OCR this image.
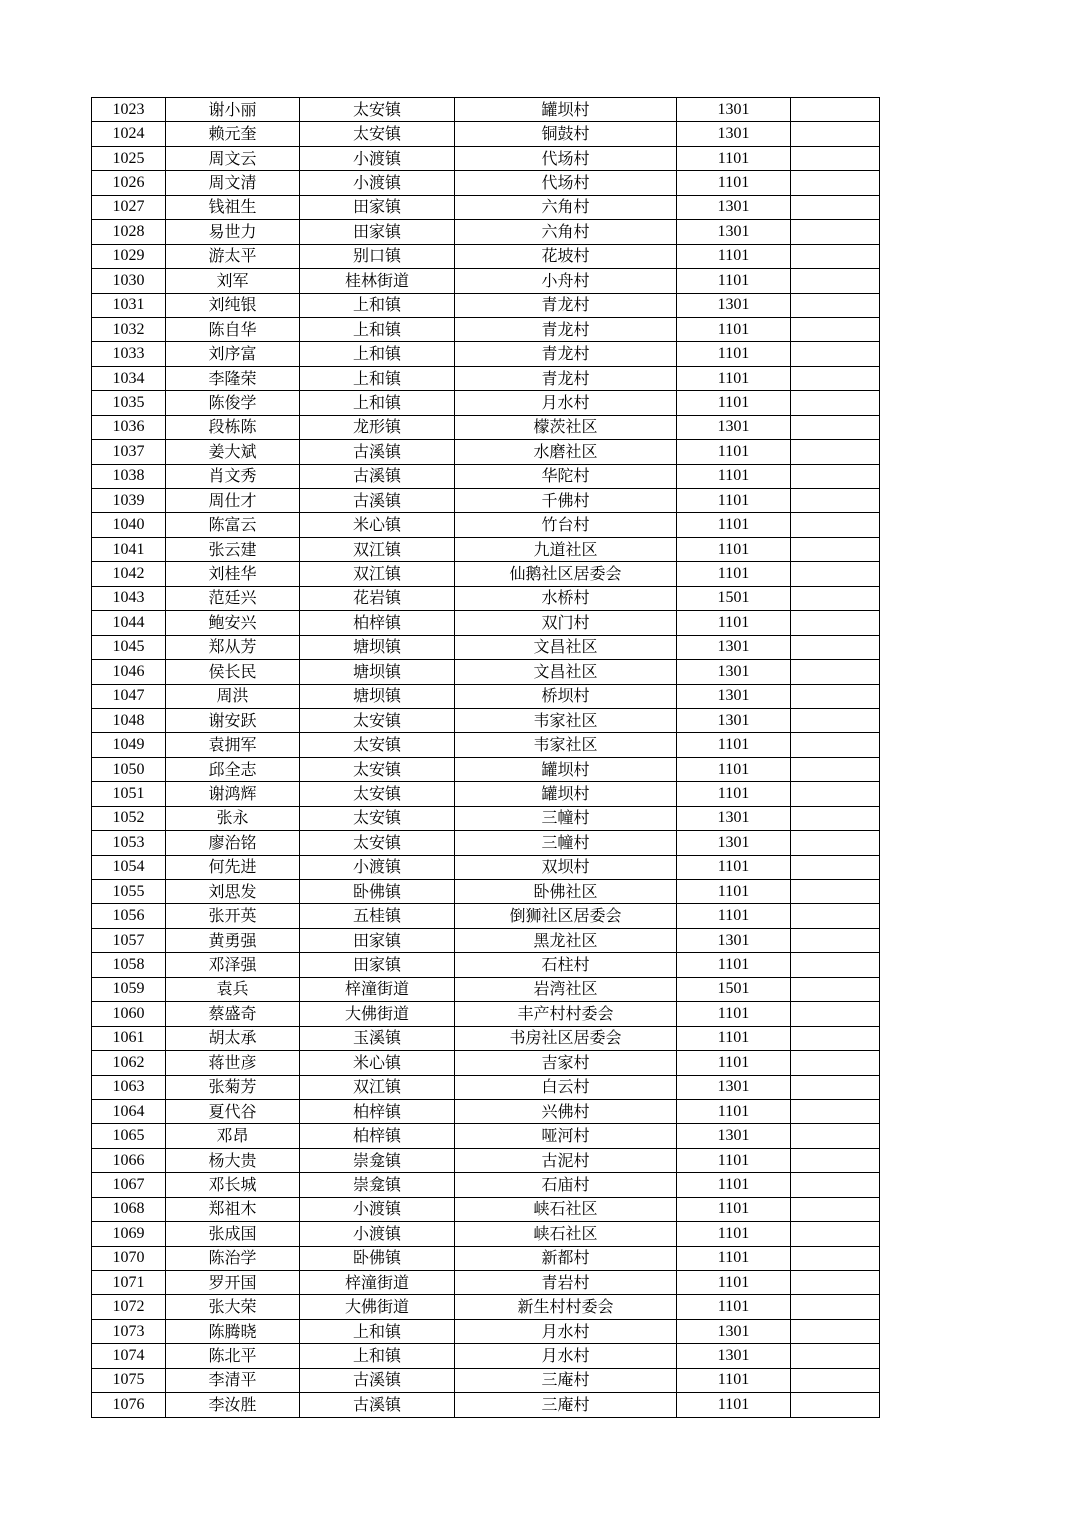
1023	谢小丽	太安镇	罐坝村	1301	
1024	赖元奎	太安镇	铜鼓村	1301	
1025	周文云	小渡镇	代场村	1101	
1026	周文清	小渡镇	代场村	1101	
1027	钱祖生	田家镇	六角村	1301	
1028	易世力	田家镇	六角村	1301	
1029	游太平	别口镇	花坡村	1101	
1030	刘军	桂林街道	小舟村	1101	
1031	刘纯银	上和镇	青龙村	1301	
1032	陈自华	上和镇	青龙村	1101	
1033	刘序富	上和镇	青龙村	1101	
1034	李隆荣	上和镇	青龙村	1101	
1035	陈俊学	上和镇	月水村	1101	
1036	段栋陈	龙形镇	檬茨社区	1301	
1037	姜大斌	古溪镇	水磨社区	1101	
1038	肖文秀	古溪镇	华陀村	1101	
1039	周仕才	古溪镇	千佛村	1101	
1040	陈富云	米心镇	竹台村	1101	
1041	张云建	双江镇	九道社区	1101	
1042	刘桂华	双江镇	仙鹅社区居委会	1101	
1043	范廷兴	花岩镇	水桥村	1501	
1044	鲍安兴	柏梓镇	双门村	1101	
1045	郑从芳	塘坝镇	文昌社区	1301	
1046	侯长民	塘坝镇	文昌社区	1301	
1047	周洪	塘坝镇	桥坝村	1301	
1048	谢安跃	太安镇	韦家社区	1301	
1049	袁拥军	太安镇	韦家社区	1101	
1050	邱全志	太安镇	罐坝村	1101	
1051	谢鸿辉	太安镇	罐坝村	1101	
1052	张永	太安镇	三幢村	1301	
1053	廖治铭	太安镇	三幢村	1301	
1054	何先进	小渡镇	双坝村	1101	
1055	刘思发	卧佛镇	卧佛社区	1101	
1056	张开英	五桂镇	倒狮社区居委会	1101	
1057	黄勇强	田家镇	黑龙社区	1301	
1058	邓泽强	田家镇	石柱村	1101	
1059	袁兵	梓潼街道	岩湾社区	1501	
1060	蔡盛奇	大佛街道	丰产村村委会	1101	
1061	胡太承	玉溪镇	书房社区居委会	1101	
1062	蒋世彦	米心镇	吉家村	1101	
1063	张菊芳	双江镇	白云村	1301	
1064	夏代谷	柏梓镇	兴佛村	1101	
1065	邓昂	柏梓镇	哑河村	1301	
1066	杨大贵	崇龛镇	古泥村	1101	
1067	邓长城	崇龛镇	石庙村	1101	
1068	郑祖木	小渡镇	峡石社区	1101	
1069	张成国	小渡镇	峡石社区	1101	
1070	陈治学	卧佛镇	新都村	1101	
1071	罗开国	梓潼街道	青岩村	1101	
1072	张大荣	大佛街道	新生村村委会	1101	
1073	陈腾晓	上和镇	月水村	1301	
1074	陈北平	上和镇	月水村	1301	
1075	李清平	古溪镇	三庵村	1101	
1076	李汝胜	古溪镇	三庵村	1101	
